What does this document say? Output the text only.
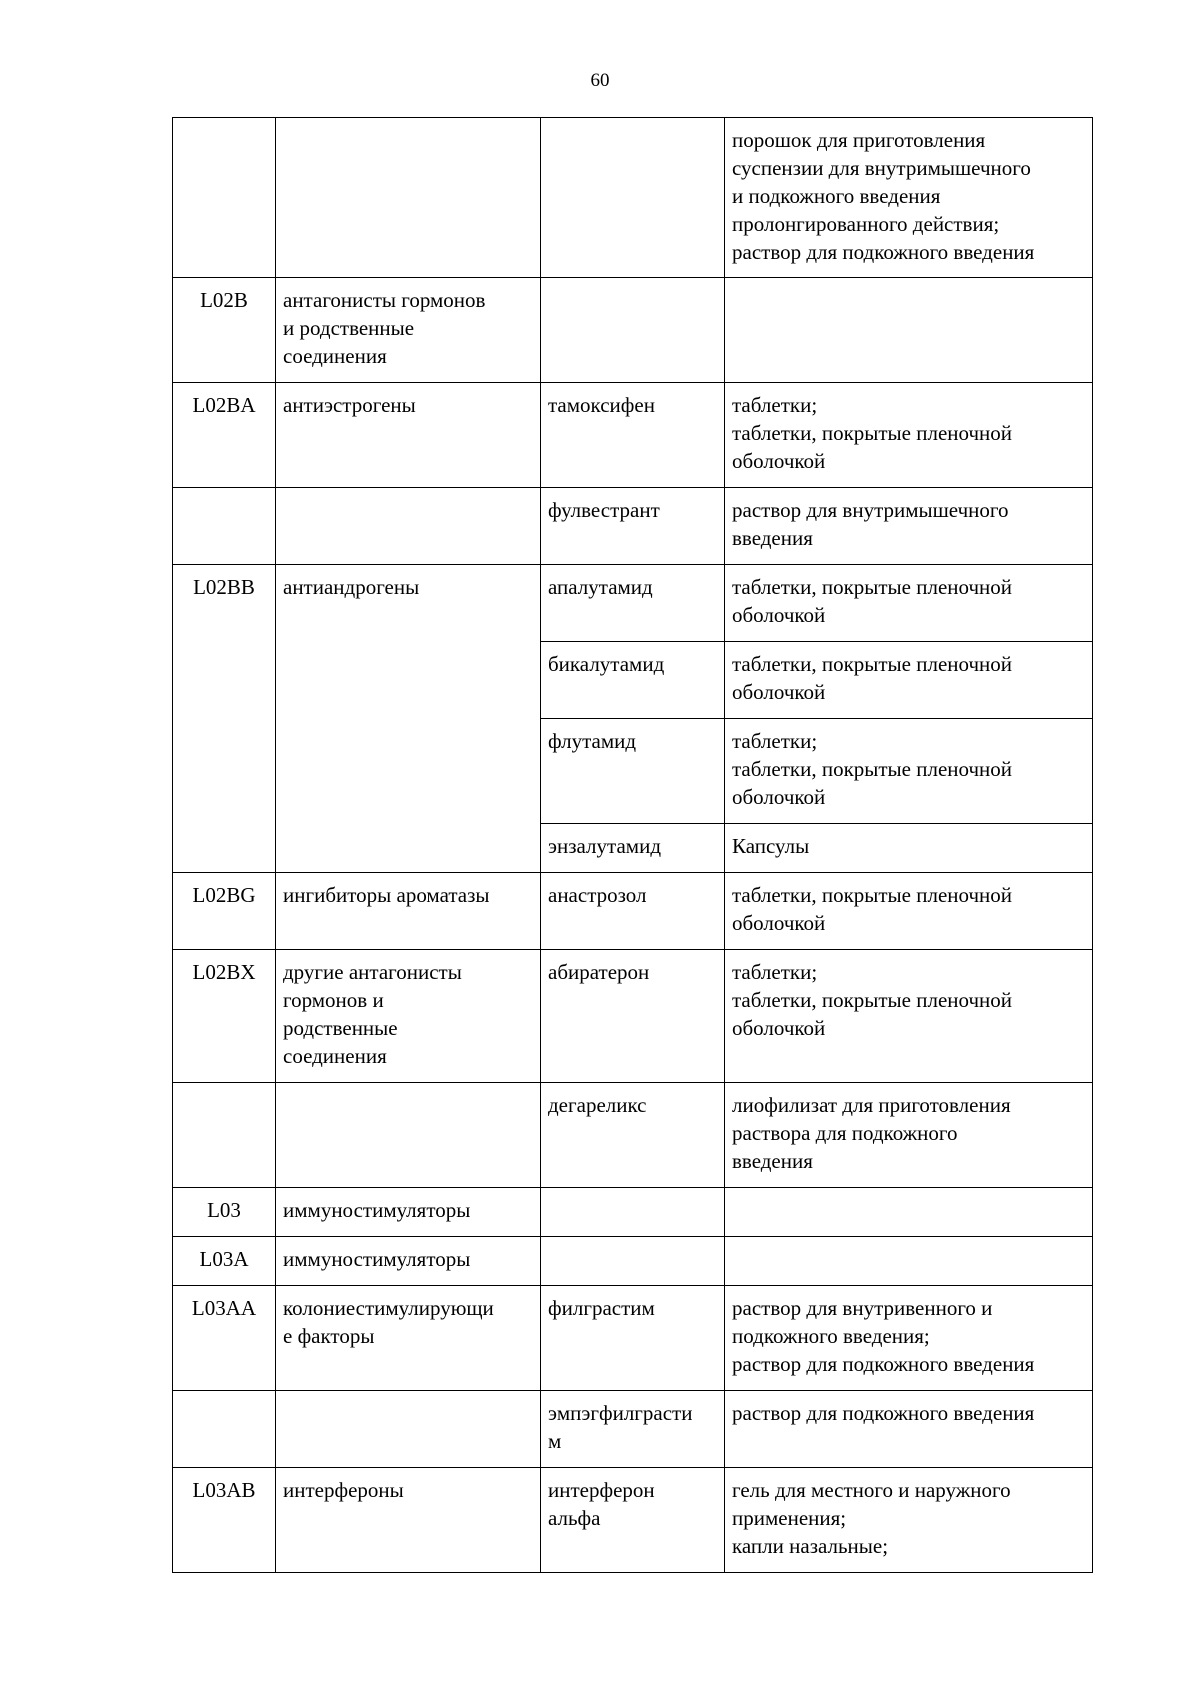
60
			порошок для приготовления
суспензии для внутримышечного
и подкожного введения
пролонгированного действия;
раствор для подкожного введения
L02B	антагонисты гормонов
и родственные
соединения		
L02BA	антиэстрогены	тамоксифен	таблетки;
таблетки, покрытые пленочной
оболочкой
		фулвестрант	раствор для внутримышечного
введения
L02BB	антиандрогены	апалутамид	таблетки, покрытые пленочной
оболочкой
		бикалутамид	таблетки, покрытые пленочной
оболочкой
		флутамид	таблетки;
таблетки, покрытые пленочной
оболочкой
		энзалутамид	Капсулы
L02BG	ингибиторы ароматазы	анастрозол	таблетки, покрытые пленочной
оболочкой
L02BX	другие антагонисты
гормонов и
родственные
соединения	абиратерон	таблетки;
таблетки, покрытые пленочной
оболочкой
		дегареликс	лиофилизат для приготовления
раствора для подкожного
введения
L03	иммуностимуляторы		
L03A	иммуностимуляторы		
L03AA	колониестимулирующи
е факторы	филграстим	раствор для внутривенного и
подкожного введения;
раствор для подкожного введения
		эмпэгфилграсти
м	раствор для подкожного введения
L03AB	интерфероны	интерферон
альфа	гель для местного и наружного
применения;
капли назальные;
